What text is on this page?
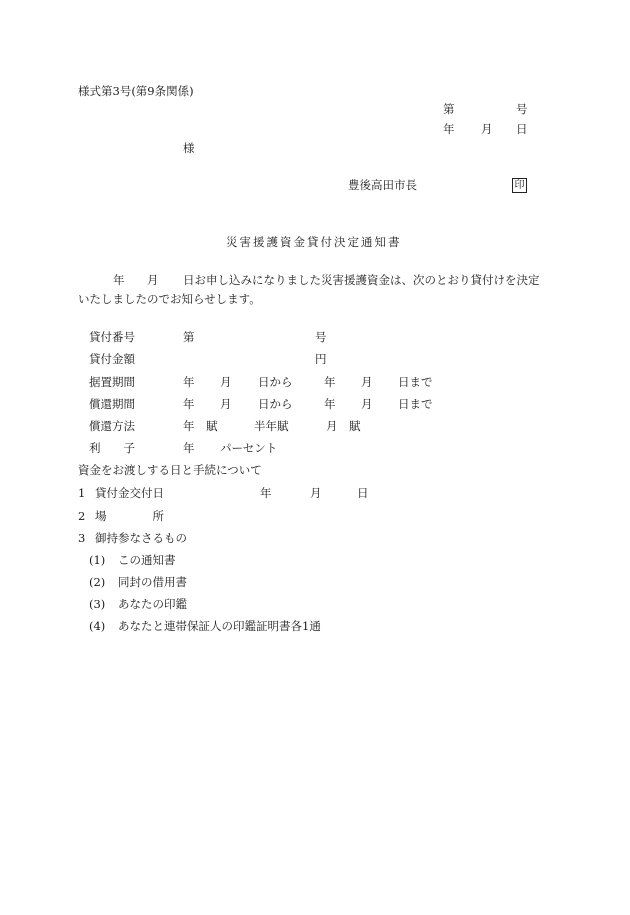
様式第3号(第9条関係)
第	号
年 月 日
様
豊後高田市長	印
災害援護資金貸付決定通知書
年 月 日お申し込みになりました災害援護資金は、次のとおり貸付けを決定
いたしましたのでお知らせします。
貸付番号	第	号
貸付金額	円
据置期間	年 月 日から	年 月 日まで
償還期間	年 月 日から	年 月 日まで
償還方法	年　賦	半年賦	月　賦
利　　子	年 パーセント
資金をお渡しする日と手続について
1 貸付金交付日	年	月	日
2 場　　　　所
3 御持参なさるもの
(1) この通知書
(2) 同封の借用書
(3) あなたの印鑑
(4) あなたと連帯保証人の印鑑証明書各1通
